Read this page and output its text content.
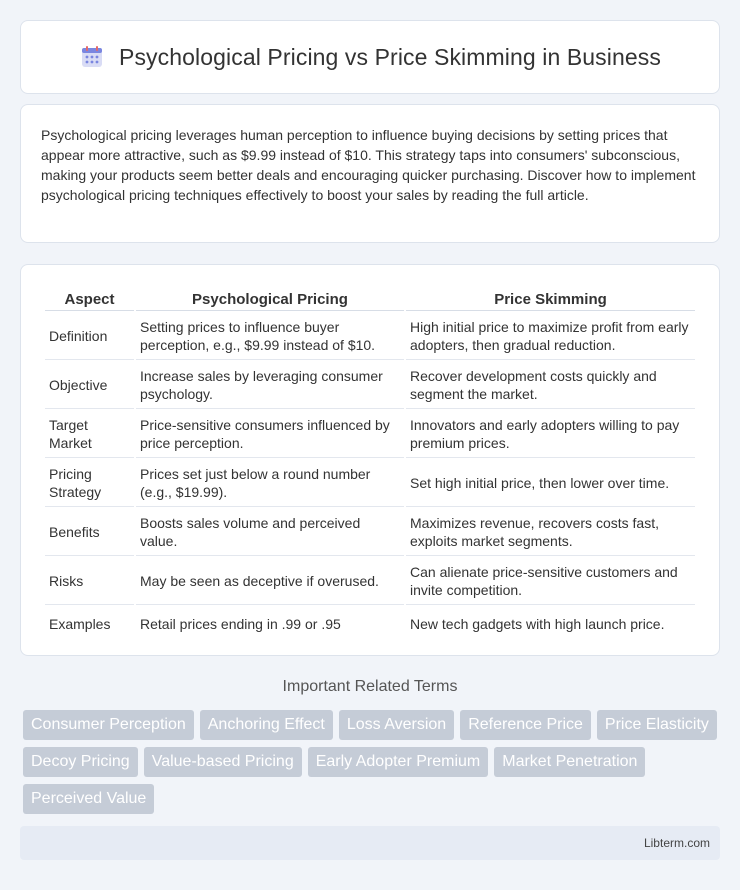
Psychological Pricing vs Price Skimming in Business

Psychological pricing leverages human perception to influence buying decisions by setting prices that appear more attractive, such as $9.99 instead of $10. This strategy taps into consumers' subconscious, making your products seem better deals and encouraging quicker purchasing. Discover how to implement psychological pricing techniques effectively to boost your sales by reading the full article.

Aspect	Psychological Pricing	Price Skimming
Definition	Setting prices to influence buyer perception, e.g., $9.99 instead of $10.	High initial price to maximize profit from early adopters, then gradual reduction.
Objective	Increase sales by leveraging consumer psychology.	Recover development costs quickly and segment the market.
Target Market	Price-sensitive consumers influenced by price perception.	Innovators and early adopters willing to pay premium prices.
Pricing Strategy	Prices set just below a round number (e.g., $19.99).	Set high initial price, then lower over time.
Benefits	Boosts sales volume and perceived value.	Maximizes revenue, recovers costs fast, exploits market segments.
Risks	May be seen as deceptive if overused.	Can alienate price-sensitive customers and invite competition.
Examples	Retail prices ending in .99 or .95	New tech gadgets with high launch price.
Important Related Terms
Consumer Perception	Anchoring Effect	Loss Aversion	Reference Price	Price Elasticity
Decoy Pricing	Value-based Pricing	Early Adopter Premium	Market Penetration
Perceived Value
Libterm.com
